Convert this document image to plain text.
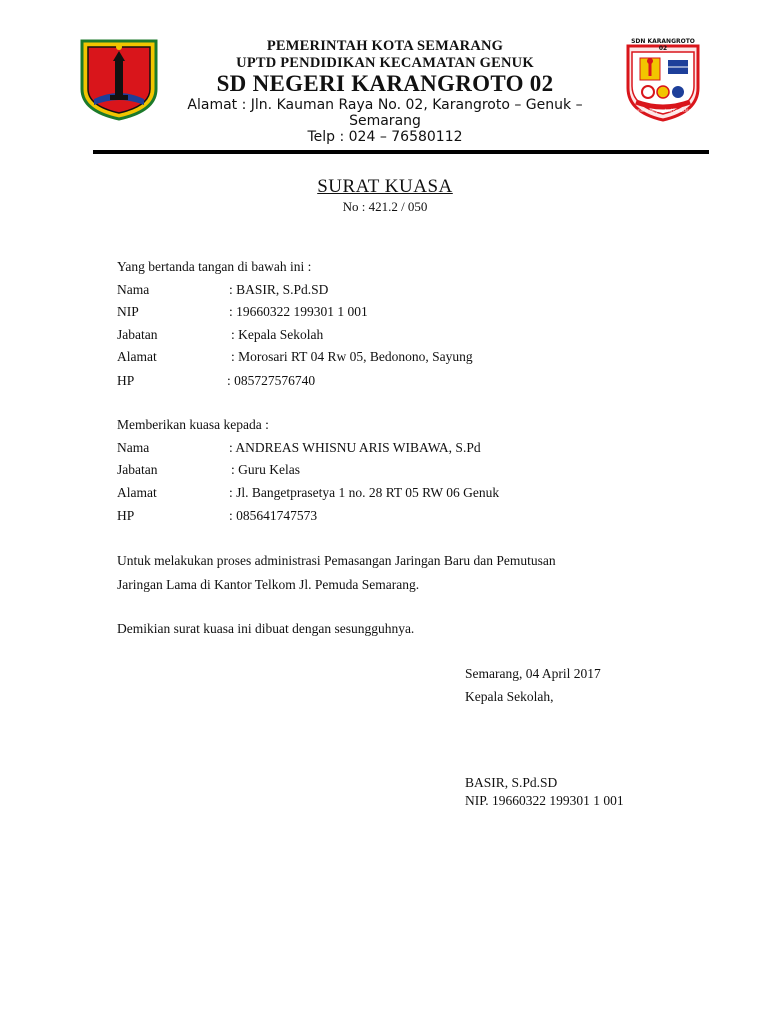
SDN KARANGROTO 02
berilmu berprestasi berakhlak
PEMERINTAH KOTA SEMARANG
UPTD PENDIDIKAN KECAMATAN GENUK
SD NEGERI KARANGROTO 02
Alamat : Jln. Kauman Raya No. 02, Karangroto – Genuk –
Semarang
Telp : 024 – 76580112
SURAT KUASA
No : 421.2 / 050
Yang bertanda tangan di bawah ini :
Nama	: BASIR, S.Pd.SD
NIP	: 19660322 199301 1 001
Jabatan	: Kepala Sekolah
Alamat	: Morosari RT 04 Rw 05, Bedonono, Sayung
HP	: 085727576740
Memberikan kuasa kepada :
Nama	: ANDREAS WHISNU ARIS WIBAWA, S.Pd
Jabatan	: Guru Kelas
Alamat	: Jl. Bangetprasetya 1 no. 28 RT 05 RW 06 Genuk
HP	: 085641747573
Untuk melakukan proses administrasi Pemasangan Jaringan Baru dan Pemutusan
Jaringan Lama di Kantor Telkom Jl. Pemuda Semarang.
Demikian surat kuasa ini dibuat dengan sesungguhnya.
Semarang, 04 April 2017
Kepala Sekolah,
BASIR, S.Pd.SD
NIP. 19660322 199301 1 001
